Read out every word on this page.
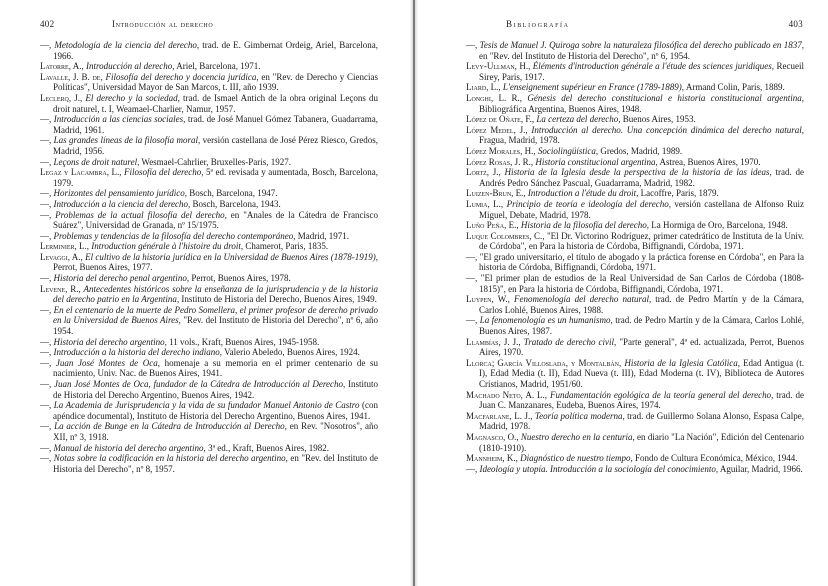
402	Introducción al derecho

—, Metodología de la ciencia del derecho, trad. de E. Gimbernat Ordeig, Ariel, Barcelona, 1966.

Latorre, A., Introducción al derecho, Ariel, Barcelona, 1971.

Lavalle, J. B. de, Filosofía del derecho y docencia jurídica, en "Rev. de Derecho y Ciencias Políticas", Universidad Mayor de San Marcos, t. III, año 1939.

Leclerq, J., El derecho y la sociedad, trad. de Ismael Antich de la obra original Leçons du droit naturel, t. I, Weamael-Charlier, Namur, 1957.

—, Introducción a las ciencias sociales, trad. de José Manuel Gómez Tabanera, Guadarrama, Madrid, 1961.

—, Las grandes líneas de la filosofía moral, versión castellana de José Pérez Riesco, Gredos, Madrid, 1956.

—, Leçons de droit naturel, Wesmael-Cahrlier, Bruxelles-Paris, 1927.

Legaz y Lacambra, L., Filosofía del derecho, 5ª ed. revisada y aumentada, Bosch, Barcelona, 1979.

—, Horizontes del pensamiento jurídico, Bosch, Barcelona, 1947.

—, Introducción a la ciencia del derecho, Bosch, Barcelona, 1943.

—, Problemas de la actual filosofía del derecho, en "Anales de la Cátedra de Francisco Suárez", Universidad de Granada, nº 15/1975.

—, Problemas y tendencias de la filosofía del derecho contemporáneo, Madrid, 1971.

Lerminier, L., Introduction générale à l'histoire du droit, Chamerot, Paris, 1835.

Levaggi, A., El cultivo de la historia jurídica en la Universidad de Buenos Aires (1878-1919), Perrot, Buenos Aires, 1977.

—, Historia del derecho penal argentino, Perrot, Buenos Aires, 1978.

Levene, R., Antecedentes históricos sobre la enseñanza de la jurisprudencia y de la historia del derecho patrio en la Argentina, Instituto de Historia del Derecho, Buenos Aires, 1949.

—, En el centenario de la muerte de Pedro Somellera, el primer profesor de derecho privado en la Universidad de Buenos Aires, "Rev. del Instituto de Historia del Derecho", nº 6, año 1954.

—, Historia del derecho argentino, 11 vols., Kraft, Buenos Aires, 1945-1958.

—, Introducción a la historia del derecho indiano, Valerio Abeledo, Buenos Aires, 1924.

—, Juan José Montes de Oca, homenaje a su memoria en el primer centenario de su nacimiento, Univ. Nac. de Buenos Aires, 1941.

—, Juan José Montes de Oca, fundador de la Cátedra de Introducción al Derecho, Instituto de Historia del Derecho Argentino, Buenos Aires, 1942.

—, La Academia de Jurisprudencia y la vida de su fundador Manuel Antonio de Castro (con apéndice documental), Instituto de Historia del Derecho Argentino, Buenos Aires, 1941.

—, La acción de Bunge en la Cátedra de Introducción al Derecho, en Rev. "Nosotros", año XII, nº 3, 1918.

—, Manual de historia del derecho argentino, 3ª ed., Kraft, Buenos Aires, 1982.

—, Notas sobre la codificación en la historia del derecho argentino, en "Rev. del Instituto de Historia del Derecho", nº 8, 1957.

Bibliografía	403

—, Tesis de Manuel J. Quiroga sobre la naturaleza filosófica del derecho publicado en 1837, en "Rev. del Instituto de Historia del Derecho", nº 6, 1954.

Levy-Ullman, H., Éléments d'introduction générale a l'étude des sciences juridiques, Recueil Sirey, Paris, 1917.

Liard, L., L'enseignement supérieur en France (1789-1889), Armand Colin, Paris, 1889.

Longhi, L. R., Génesis del derecho constitucional e historia constitucional argentina, Bibliográfica Argentina, Buenos Aires, 1948.

López de Oñate, F., La certeza del derecho, Buenos Aires, 1953.

López Medel, J., Introducción al derecho. Una concepción dinámica del derecho natural, Fragua, Madrid, 1978.

López Morales, H., Sociolingüística, Gredos, Madrid, 1989.

López Rosas, J. R., Historia constitucional argentina, Astrea, Buenos Aires, 1970.

Lortz, J., Historia de la Iglesia desde la perspectiva de la historia de las ideas, trad. de Andrés Pedro Sánchez Pascual, Guadarrama, Madrid, 1982.

Luizen-Brun, E., Introduction a l'étude du droit, Lacoffre, Paris, 1879.

Lumia, L., Principio de teoría e ideología del derecho, versión castellana de Alfonso Ruiz Miguel, Debate, Madrid, 1978.

Luño Peña, E., Historia de la filosofía del derecho, La Hormiga de Oro, Barcelona, 1948.

Luque Colombres, C., "El Dr. Victorino Rodríguez, primer catedrático de Instituta de la Univ. de Córdoba", en Para la historia de Córdoba, Biffignandi, Córdoba, 1971.

—, "El grado universitario, el título de abogado y la práctica forense en Córdoba", en Para la historia de Córdoba, Biffignandi, Córdoba, 1971.

—, "El primer plan de estudios de la Real Universidad de San Carlos de Córdoba (1808-1815)", en Para la historia de Córdoba, Biffignandi, Córdoba, 1971.

Luypen, W., Fenomenología del derecho natural, trad. de Pedro Martín y de la Cámara, Carlos Lohlé, Buenos Aires, 1988.

—, La fenomenología es un humanismo, trad. de Pedro Martín y de la Cámara, Carlos Lohlé, Buenos Aires, 1987.

Llambías, J. J., Tratado de derecho civil, "Parte general", 4ª ed. actualizada, Perrot, Buenos Aires, 1970.

Llorca; García Villoslada, y Montalbán, Historia de la Iglesia Católica, Edad Antigua (t. I), Edad Media (t. II), Edad Nueva (t. III), Edad Moderna (t. IV), Biblioteca de Autores Cristianos, Madrid, 1951/60.

Machado Neto, A. L., Fundamentación egológica de la teoría general del derecho, trad. de Juan C. Manzanares, Eudeba, Buenos Aires, 1974.

Macfarlane, L. J., Teoría política moderna, trad. de Guillermo Solana Alonso, Espasa Calpe, Madrid, 1978.

Magnasco, O., Nuestro derecho en la centuria, en diario "La Nación", Edición del Centenario (1810-1910).

Mannheim, K., Diagnóstico de nuestro tiempo, Fondo de Cultura Económica, México, 1944.

—, Ideología y utopía. Introducción a la sociología del conocimiento, Aguilar, Madrid, 1966.
